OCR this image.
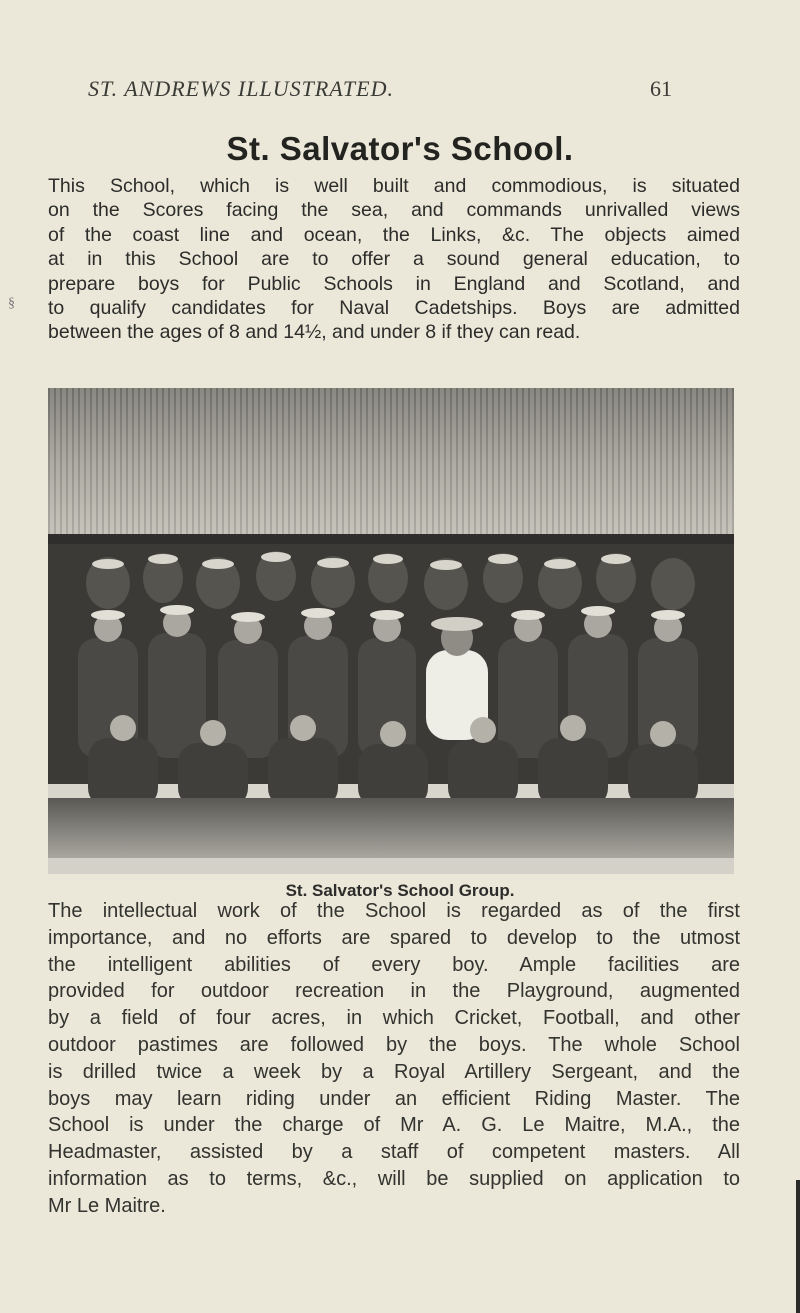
ST. ANDREWS ILLUSTRATED.	61
§
St. Salvator's School.
This School, which is well built and commodious, is situated
on the Scores facing the sea, and commands unrivalled views
of the coast line and ocean, the Links, &c. The objects aimed
at in this School are to offer a sound general education, to
prepare boys for Public Schools in England and Scotland, and
to qualify candidates for Naval Cadetships. Boys are admitted
between the ages of 8 and 14½, and under 8 if they can read.
St. Salvator's School Group.
The intellectual work of the School is regarded as of the first
importance, and no efforts are spared to develop to the utmost
the intelligent abilities of every boy. Ample facilities are
provided for outdoor recreation in the Playground, augmented
by a field of four acres, in which Cricket, Football, and other
outdoor pastimes are followed by the boys. The whole School
is drilled twice a week by a Royal Artillery Sergeant, and the
boys may learn riding under an efficient Riding Master. The
School is under the charge of Mr A. G. Le Maitre, M.A., the
Headmaster, assisted by a staff of competent masters. All
information as to terms, &c., will be supplied on application to
Mr Le Maitre.
